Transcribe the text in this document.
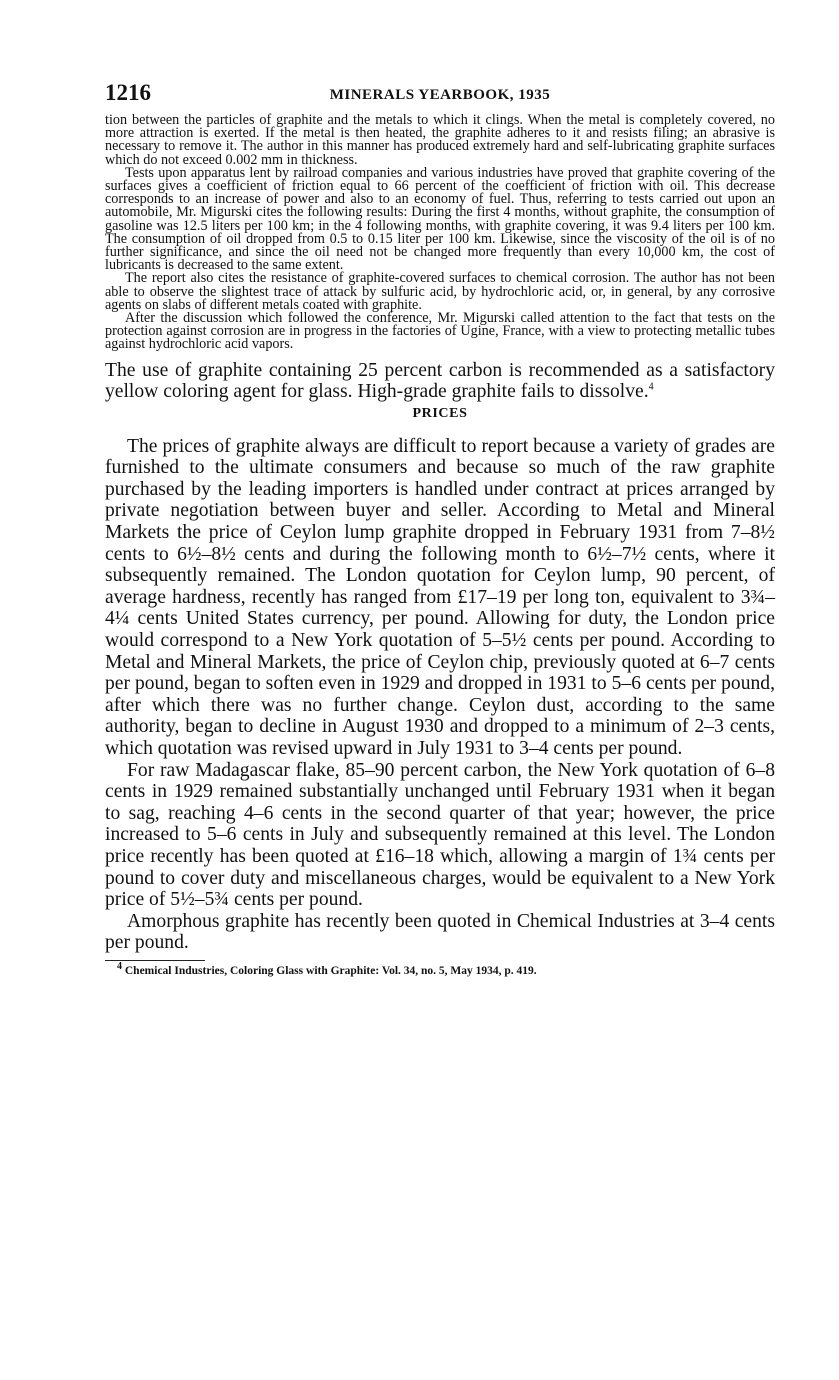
1216	MINERALS YEARBOOK, 1935

tion between the particles of graphite and the metals to which it clings. When the metal is completely covered, no more attraction is exerted. If the metal is then heated, the graphite adheres to it and resists filing; an abrasive is necessary to remove it. The author in this manner has produced extremely hard and self-lubricating graphite surfaces which do not exceed 0.002 mm in thickness.

Tests upon apparatus lent by railroad companies and various industries have proved that graphite covering of the surfaces gives a coefficient of friction equal to 66 percent of the coefficient of friction with oil. This decrease corresponds to an increase of power and also to an economy of fuel. Thus, referring to tests carried out upon an automobile, Mr. Migurski cites the following results: During the first 4 months, without graphite, the consumption of gasoline was 12.5 liters per 100 km; in the 4 following months, with graphite covering, it was 9.4 liters per 100 km. The consumption of oil dropped from 0.5 to 0.15 liter per 100 km. Likewise, since the viscosity of the oil is of no further significance, and since the oil need not be changed more frequently than every 10,000 km, the cost of lubricants is decreased to the same extent.

The report also cites the resistance of graphite-covered surfaces to chemical corrosion. The author has not been able to observe the slightest trace of attack by sulfuric acid, by hydrochloric acid, or, in general, by any corrosive agents on slabs of different metals coated with graphite.

After the discussion which followed the conference, Mr. Migurski called attention to the fact that tests on the protection against corrosion are in progress in the factories of Ugine, France, with a view to protecting metallic tubes against hydrochloric acid vapors.

The use of graphite containing 25 percent carbon is recommended as a satisfactory yellow coloring agent for glass. High-grade graphite fails to dissolve.$^4$

PRICES

The prices of graphite always are difficult to report because a variety of grades are furnished to the ultimate consumers and because so much of the raw graphite purchased by the leading importers is handled under contract at prices arranged by private negotiation between buyer and seller. According to Metal and Mineral Markets the price of Ceylon lump graphite dropped in February 1931 from 7–8½ cents to 6½–8½ cents and during the following month to 6½–7½ cents, where it subsequently remained. The London quotation for Ceylon lump, 90 percent, of average hardness, recently has ranged from £17–19 per long ton, equivalent to 3¾–4¼ cents United States currency, per pound. Allowing for duty, the London price would correspond to a New York quotation of 5–5½ cents per pound. According to Metal and Mineral Markets, the price of Ceylon chip, previously quoted at 6–7 cents per pound, began to soften even in 1929 and dropped in 1931 to 5–6 cents per pound, after which there was no further change. Ceylon dust, according to the same authority, began to decline in August 1930 and dropped to a minimum of 2–3 cents, which quotation was revised upward in July 1931 to 3–4 cents per pound.

For raw Madagascar flake, 85–90 percent carbon, the New York quotation of 6–8 cents in 1929 remained substantially unchanged until February 1931 when it began to sag, reaching 4–6 cents in the second quarter of that year; however, the price increased to 5–6 cents in July and subsequently remained at this level. The London price recently has been quoted at £16–18 which, allowing a margin of 1¾ cents per pound to cover duty and miscellaneous charges, would be equivalent to a New York price of 5½–5¾ cents per pound.

Amorphous graphite has recently been quoted in Chemical Industries at 3–4 cents per pound.

$^4$ Chemical Industries, Coloring Glass with Graphite: Vol. 34, no. 5, May 1934, p. 419.
